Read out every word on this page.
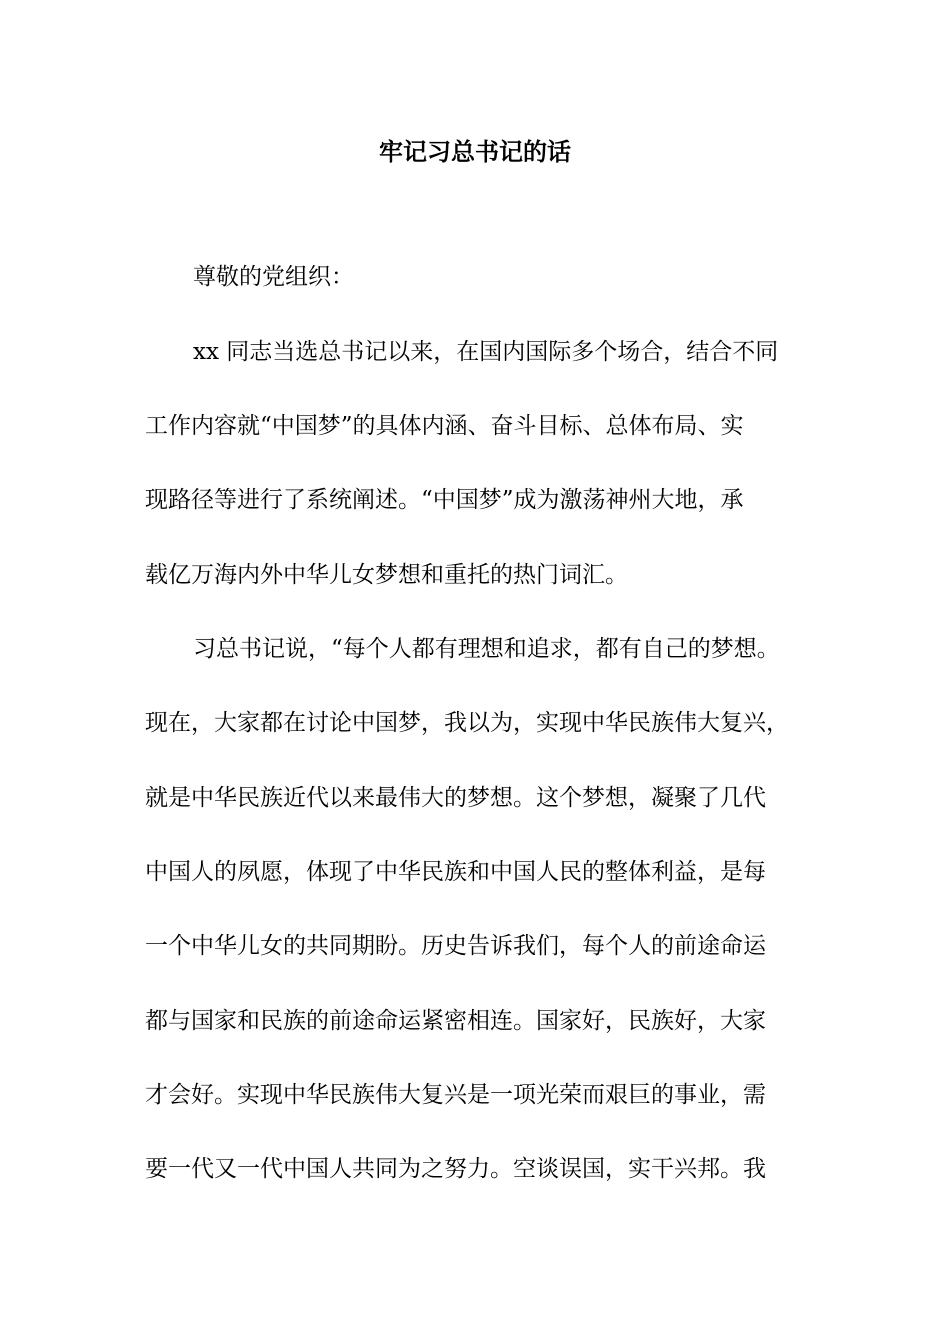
牢记习总书记的话

尊敬的党组织：

xx 同志当选总书记以来，在国内国际多个场合，结合不同

工作内容就“中国梦”的具体内涵、奋斗目标、总体布局、实

现路径等进行了系统阐述。“中国梦”成为激荡神州大地，承

载亿万海内外中华儿女梦想和重托的热门词汇。

习总书记说，“每个人都有理想和追求，都有自己的梦想。

现在，大家都在讨论中国梦，我以为，实现中华民族伟大复兴，

就是中华民族近代以来最伟大的梦想。这个梦想，凝聚了几代

中国人的夙愿，体现了中华民族和中国人民的整体利益，是每

一个中华儿女的共同期盼。历史告诉我们，每个人的前途命运

都与国家和民族的前途命运紧密相连。国家好，民族好，大家

才会好。实现中华民族伟大复兴是一项光荣而艰巨的事业，需

要一代又一代中国人共同为之努力。空谈误国，实干兴邦。我
